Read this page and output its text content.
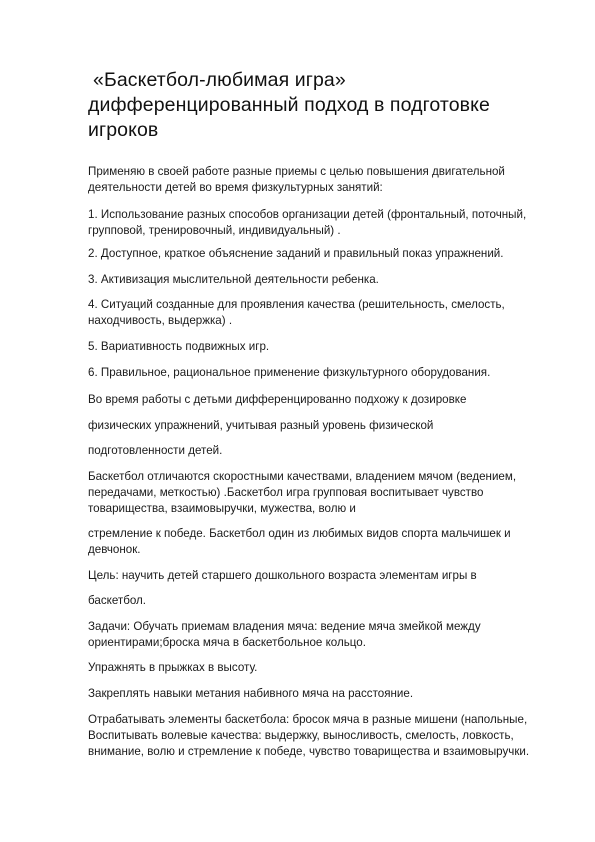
«Баскетбол-любимая игра»
дифференцированный подход в подготовке
игроков
Применяю в своей работе разные приемы с целью повышения двигательной
деятельности детей во время физкультурных занятий:
1. Использование разных способов организации детей (фронтальный, поточный,
групповой, тренировочный, индивидуальный) .
2. Доступное, краткое объяснение заданий и правильный показ упражнений.
3. Активизация мыслительной деятельности ребенка.
4. Ситуаций созданные для проявления качества (решительность, смелость,
находчивость, выдержка) .
5. Вариативность подвижных игр.
6. Правильное, рациональное применение физкультурного оборудования.
Во время работы с детьми дифференцированно подхожу к дозировке
физических упражнений, учитывая разный уровень физической
подготовленности детей.
Баскетбол отличаются скоростными качествами, владением мячом (ведением,
передачами, меткостью) .Баскетбол игра групповая воспитывает чувство
товарищества, взаимовыручки, мужества, волю и
стремление к победе. Баскетбол один из любимых видов спорта мальчишек и
девчонок.
Цель: научить детей старшего дошкольного возраста элементам игры в
баскетбол.
Задачи: Обучать приемам владения мяча: ведение мяча змейкой между
ориентирами;броска мяча в баскетбольное кольцо.
Упражнять в прыжках в высоту.
Закреплять навыки метания набивного мяча на расстояние.
Отрабатывать элементы баскетбола: бросок мяча в разные мишени (напольные,
Воспитывать волевые качества: выдержку, выносливость, смелость, ловкость,
внимание, волю и стремление к победе, чувство товарищества и взаимовыручки.
